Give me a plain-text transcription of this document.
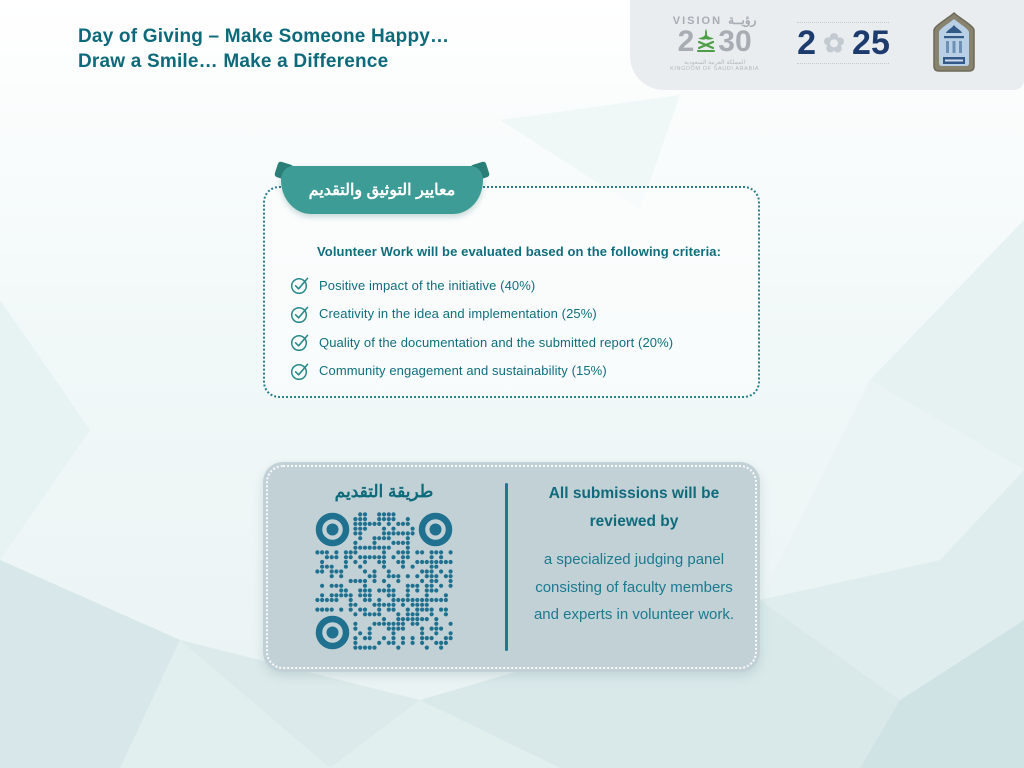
Day of Giving – Make Someone Happy…
Draw a Smile… Make a Difference
VISION رؤيــة
2 30
المملكة العربية السعودية
KINGDOM OF SAUDI ARABIA
2 ✿ 25
معايير التوثيق والتقديم
Volunteer Work will be evaluated based on the following criteria:
Positive impact of the initiative (40%)
Creativity in the idea and implementation (25%)
Quality of the documentation and the submitted report (20%)
Community engagement and sustainability (15%)
طريقة التقديم	All submissions will be reviewed by
a specialized judging panel consisting of faculty members and experts in volunteer work.
